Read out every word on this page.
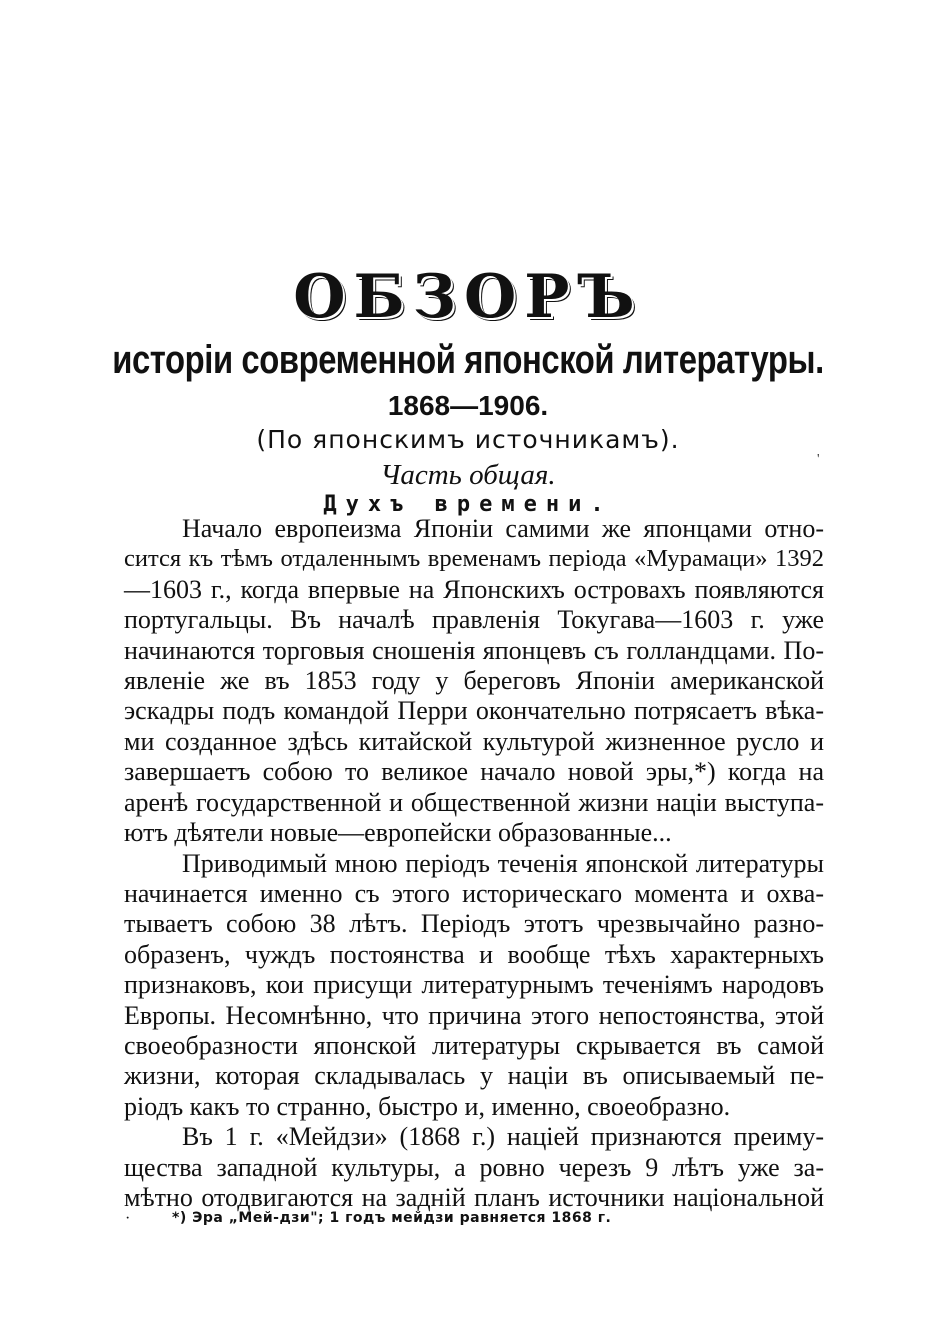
ОБЗОРЪ
исторіи современной японской литературы.
1868—1906.
(По японскимъ источникамъ).
Часть общая.
Духъ времени.
'
Начало европеизма Японіи самими же японцами отно-
сится къ тѣмъ отдаленнымъ временамъ періода «Мурамаци» 1392
—1603 г., когда впервые на Японскихъ островахъ появляются
португальцы. Въ началѣ правленія Токугава—1603 г. уже
начинаются торговыя сношенія японцевъ съ голландцами. По-
явленіе же въ 1853 году у береговъ Японіи американской
эскадры подъ командой Перри окончательно потрясаетъ вѣка-
ми созданное здѣсь китайской культурой жизненное русло и
завершаетъ собою то великое начало новой эры,*) когда на
аренѣ государственной и общественной жизни націи выступа-
ютъ дѣятели новые—европейски образованные...
Приводимый мною періодъ теченія японской литературы
начинается именно съ этого историческаго момента и охва-
тываетъ собою 38 лѣтъ. Періодъ этотъ чрезвычайно разно-
образенъ, чуждъ постоянства и вообще тѣхъ характерныхъ
признаковъ, кои присущи литературнымъ теченіямъ народовъ
Европы. Несомнѣнно, что причина этого непостоянства, этой
своеобразности японской литературы скрывается въ самой
жизни, которая складывалась у націи въ описываемый пе-
ріодъ какъ то странно, быстро и, именно, своеобразно.
Въ 1 г. «Мейдзи» (1868 г.) націей признаются преиму-
щества западной культуры, а ровно черезъ 9 лѣтъ уже за-
мѣтно отодвигаются на задній планъ источники національной
·	*) Эра „Мей-дзи"; 1 годъ мейдзи равняется 1868 г.
